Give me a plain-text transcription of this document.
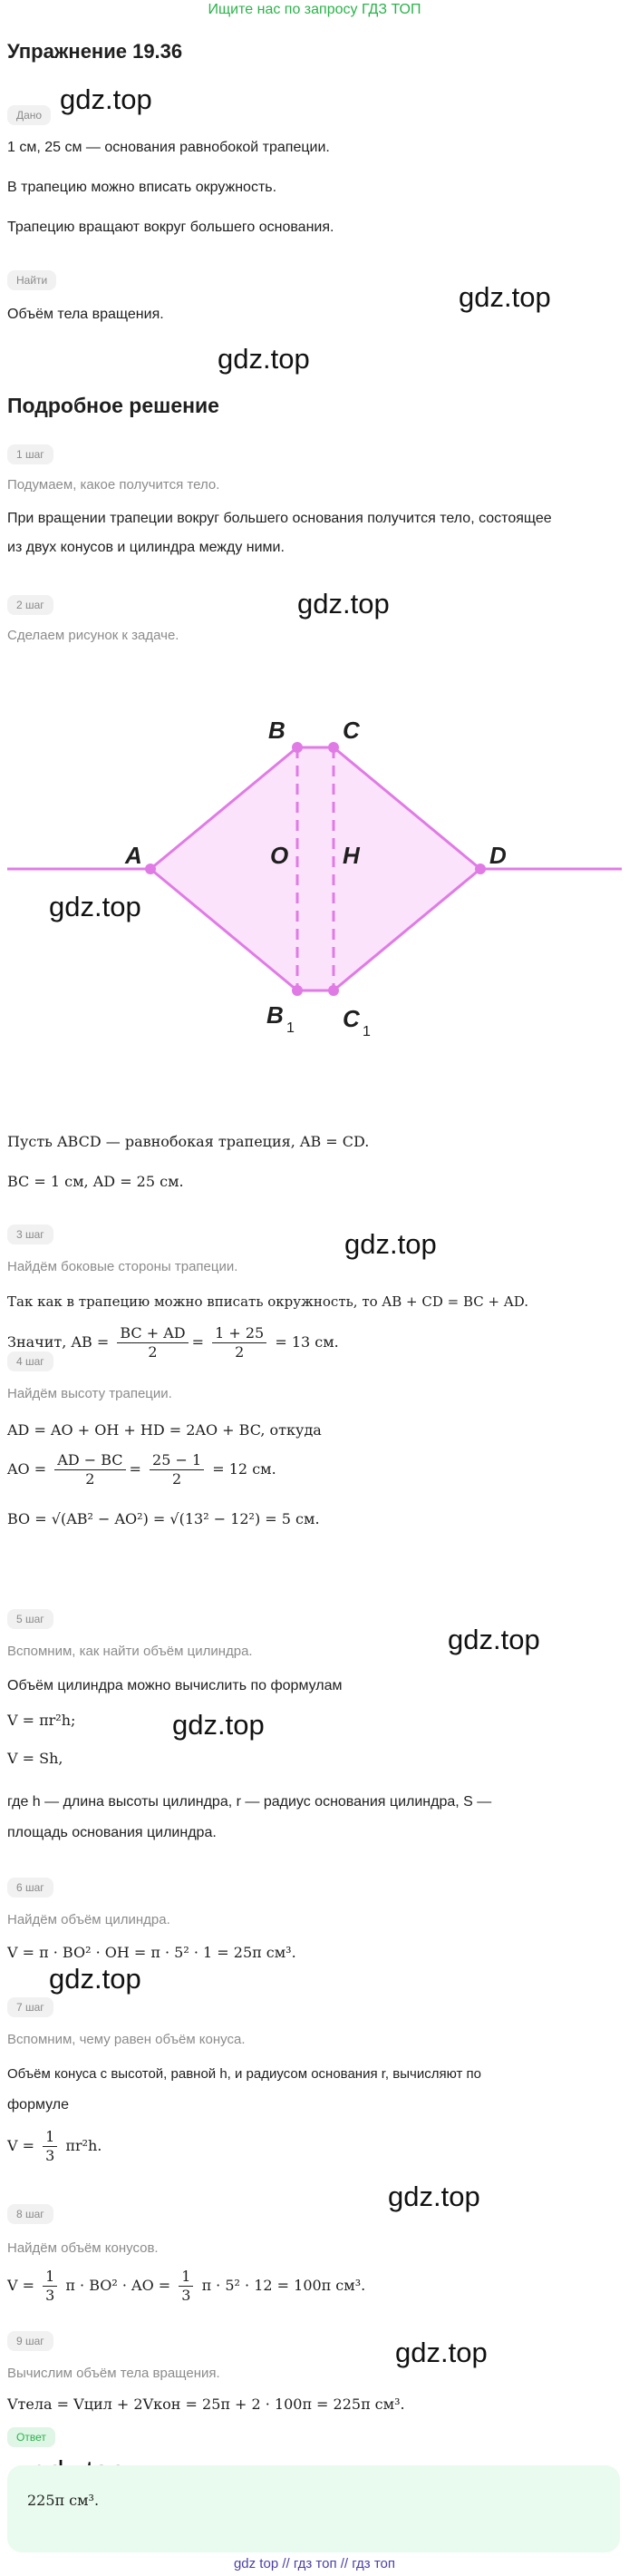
Ищите нас по запросу ГДЗ ТОП
Упражнение 19.36
Дано
1 см, 25 см — основания равнобокой трапеции.
В трапецию можно вписать окружность.
Трапецию вращают вокруг большего основания.
Найти
Объём тела вращения.
Подробное решение
gdz.top
gdz.top
gdz.top
gdz.top
gdz.top
gdz.top
gdz.top
gdz.top
gdz.top
gdz.top
gdz.top
1 шаг
Подумаем, какое получится тело.
При вращении трапеции вокруг большего основания получится тело, состоящее из двух конусов и цилиндра между ними.
2 шаг
Сделаем рисунок к задаче.
A
B C
O H	D
B	C
1	1
Пусть ABCD — равнобокая трапеция, AB = CD.
BC = 1 см, AD = 25 см.
3 шаг
Найдём боковые стороны трапеции.
Так как в трапецию можно вписать окружность, то AB + CD = BC + AD.
Значит, AB = $\frac{BC + AD}{2} = \frac{1 + 25}{2} = 13$ см.
4 шаг
Найдём высоту трапеции.
AD = AO + OH + HD = 2AO + BC, откуда
AO = $\frac{AD - BC}{2} = \frac{25 - 1}{2} = 12$ см.
BO = √(AB² − AO²) = √(13² − 12²) = 5 см.
5 шаг
Вспомним, как найти объём цилиндра.
Объём цилиндра можно вычислить по формулам
V = πr²h;
V = Sh,
где h — длина высоты цилиндра, r — радиус основания цилиндра, S —
площадь основания цилиндра.
6 шаг
Найдём объём цилиндра.
V = π · BO² · OH = π · 5² · 1 = 25π см³.
7 шаг
Вспомним, чему равен объём конуса.
Объём конуса с высотой, равной h, и радиусом основания r, вычисляют по
формуле
$V = \frac{1}{3} \pi r^2h$.
8 шаг
Найдём объём конусов.
$V = \frac{1}{3}$ π · BO² · AO = $\frac{1}{3}$ π · 5² · 12 = 100π см³.
9 шаг
Вычислим объём тела вращения.
Vтела = Vцил + 2Vкон = 25π + 2 · 100π = 225π см³.
Ответ
225π см³.
gdz top // гдз топ // гдз топ
